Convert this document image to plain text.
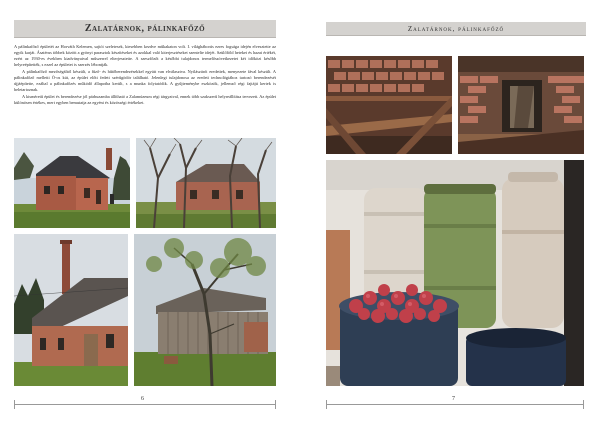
Zalatárnok, pálinkafőző

A pálinkafőző épületét az Horváth Kelemen, sajtói szeletesek, kiesebben kezdve műkakaton volt. I. világháborús ezres fogsága idején elvesztette az egyik karját. Ásatérus többek között a gyönyi parasztok készítéseket és azokkal való kiterjesztéseket szentelte idejét. Szülőföld hetekei és hazai értékét, ezért az 1930-es években kiadványaival műszerrel elterjesztette. A szeszfőzőt a későbbi tulajdonos termelőszövetkezetet két időközi később helyreépítették, s ezzel az épületet is szerzés lébontják.

A pálinkafőző mezőségáltól készült, a fűző- és hűtőberendezésekkel együtt van elválasztva. Nyilászárói eredetiek, menyezete fával készült. A pálinkafőző melletti Ö-os kút, az épület előtt fedett szérűgödör található. Jelenlegi tulajdonosa az eredeti technológiához tartozó berendezését újjáépítette, ezáltal a pálinkafőzés működő állapotba került, s a munka folytatódik. A gyűjteménybe eszközök, jellemző régi fajtájú kertek is beletartoznak.

A kisméretű épület és berendezése jól párhuzamba állítható a Zalamúzeum régi tárgyaival, ennek több szakszerű helyreállítása tervezett. Az épület különösen értékes, mert egyben bemutatja az egyéni és közösségi értékeket.

6
Zalatárnok, pálinkafőző
7
